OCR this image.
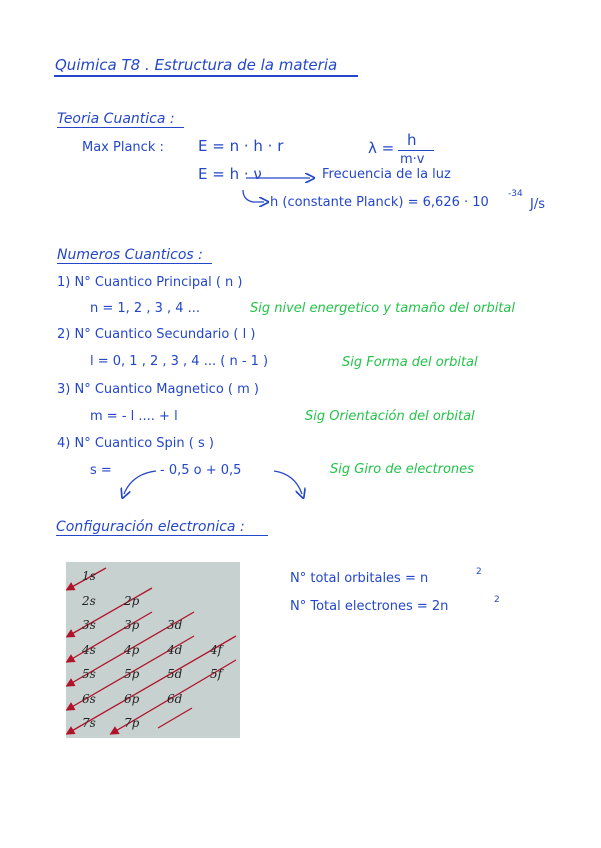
Quimica T8 . Estructura de la materia
Teoria Cuantica :
Max Planck : E = n · h · r	λ = h
m·v
E = h · ν	Frecuencia de la luz
h (constante Planck) = 6,626 · 10
-34
J/s
Numeros Cuanticos :
1) N° Cuantico Principal ( n )
n = 1, 2 , 3 , 4 ...	Sig nivel energetico y tamaño del orbital
2) N° Cuantico Secundario ( l )
l = 0, 1 , 2 , 3 , 4 ... ( n - 1 )	Sig Forma del orbital
3) N° Cuantico Magnetico ( m )
m = - l .... + l	Sig Orientación del orbital
4) N° Cuantico Spin ( s )
s =	- 0,5 o + 0,5	Sig Giro de electrones
Configuración electronica :
1s
2s 2p
3s 3p 3d
4s 4p 4d 4f
5s 5p 5d 5f
6s 6p 6d
7s 7p
N° total orbitales = n	2
N° Total electrones = 2n	2
